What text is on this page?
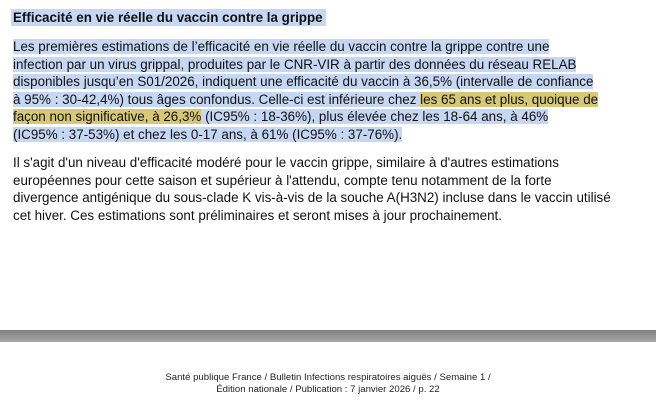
Efficacité en vie réelle du vaccin contre la grippe
Les premières estimations de l’efficacité en vie réelle du vaccin contre la grippe contre une
infection par un virus grippal, produites par le CNR-VIR à partir des données du réseau RELAB
disponibles jusqu’en S01/2026, indiquent une efficacité du vaccin à 36,5% (intervalle de confiance
à 95% : 30-42,4%) tous âges confondus. Celle-ci est inférieure chez les 65 ans et plus, quoique de
façon non significative, à 26,3% (IC95% : 18-36%), plus élevée chez les 18-64 ans, à 46%
(IC95% : 37-53%) et chez les 0-17 ans, à 61% (IC95% : 37-76%).
Il s'agit d'un niveau d'efficacité modéré pour le vaccin grippe, similaire à d'autres estimations
européennes pour cette saison et supérieur à l'attendu, compte tenu notamment de la forte
divergence antigénique du sous-clade K vis-à-vis de la souche A(H3N2) incluse dans le vaccin utilisé
cet hiver. Ces estimations sont préliminaires et seront mises à jour prochainement.
Santé publique France / Bulletin Infections respiratoires aiguës / Semaine 1 /
Édition nationale / Publication : 7 janvier 2026 / p. 22
